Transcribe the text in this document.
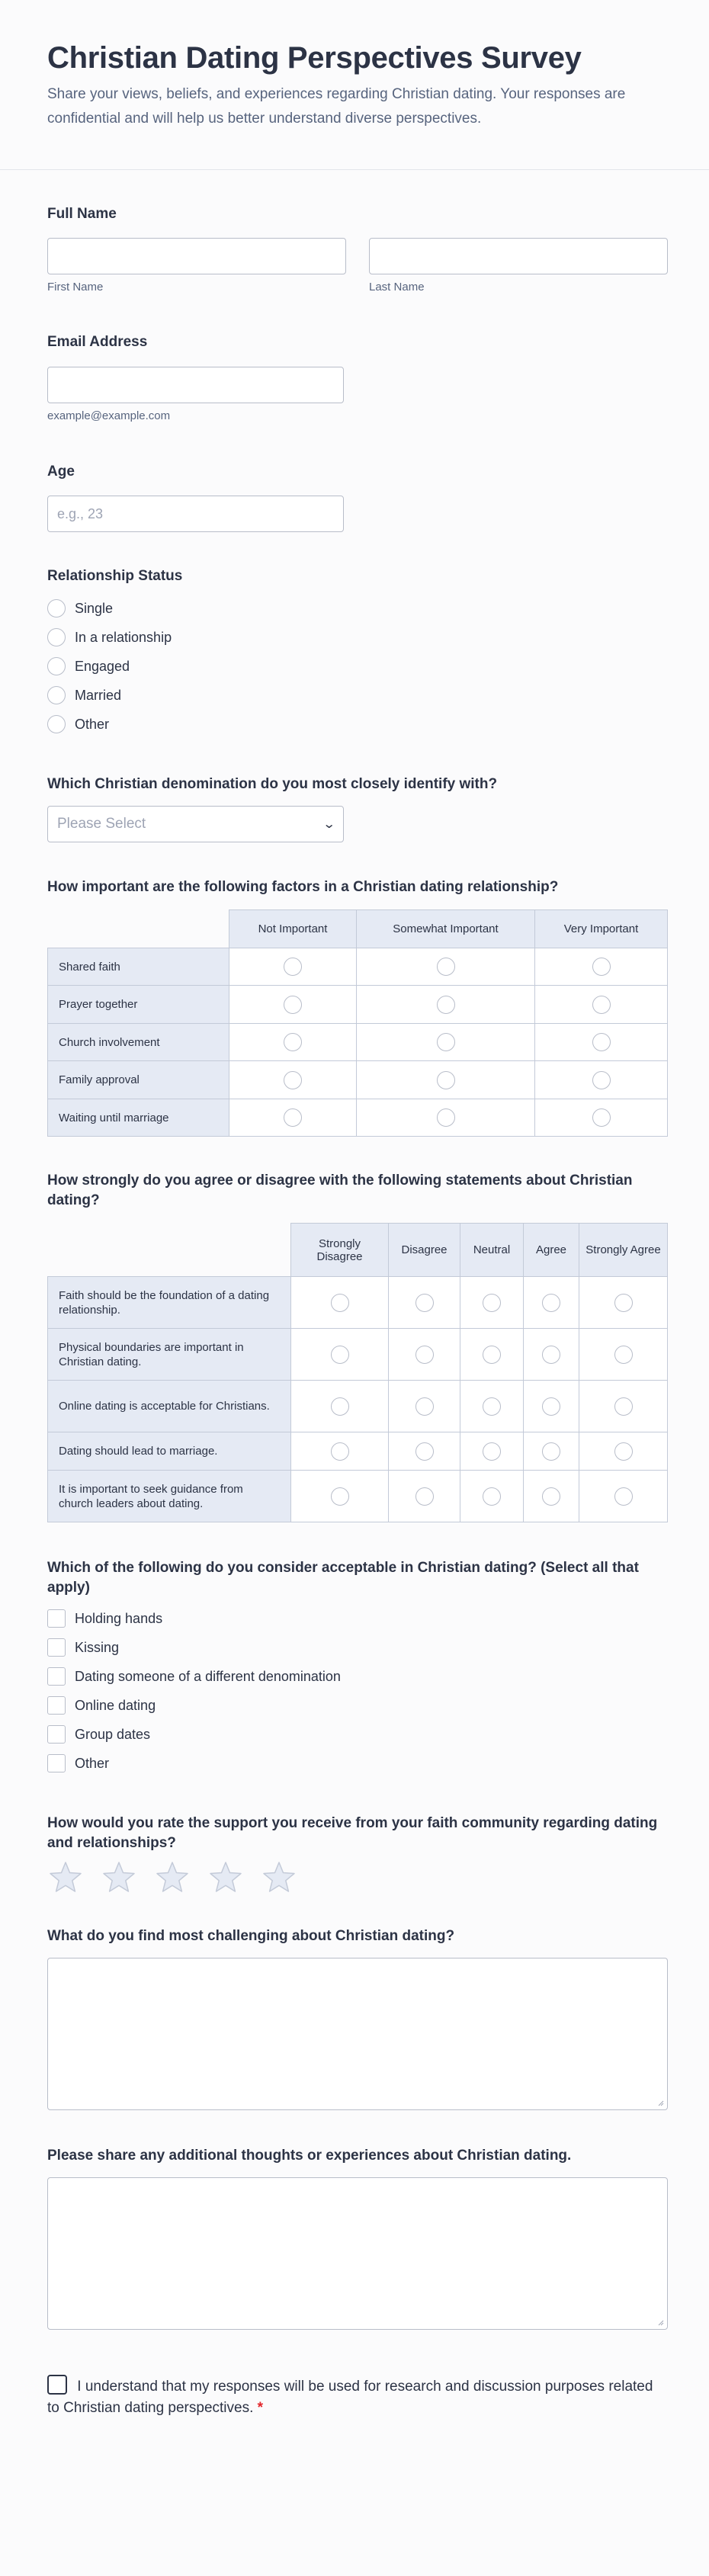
Christian Dating Perspectives Survey

Share your views, beliefs, and experiences regarding Christian dating. Your responses are confidential and will help us better understand diverse perspectives.

Full Name
First Name	Last Name
Email Address
example@example.com
Age
e.g., 23
Relationship Status
Single
In a relationship
Engaged
Married
Other
Which Christian denomination do you most closely identify with?
Please Select	⌄
How important are the following factors in a Christian dating relationship?
	Not Important	Somewhat Important	Very Important
Shared faith			
Prayer together			
Church involvement			
Family approval			
Waiting until marriage			
How strongly do you agree or disagree with the following statements about Christian dating?
	Strongly Disagree	Disagree	Neutral	Agree	Strongly Agree
Faith should be the foundation of a dating relationship.					
Physical boundaries are important in Christian dating.					
Online dating is acceptable for Christians.					
Dating should lead to marriage.					
It is important to seek guidance from church leaders about dating.					
Which of the following do you consider acceptable in Christian dating? (Select all that apply)
Holding hands
Kissing
Dating someone of a different denomination
Online dating
Group dates
Other
How would you rate the support you receive from your faith community regarding dating and relationships?
What do you find most challenging about Christian dating?
Please share any additional thoughts or experiences about Christian dating.
I understand that my responses will be used for research and discussion purposes related to Christian dating perspectives. *
